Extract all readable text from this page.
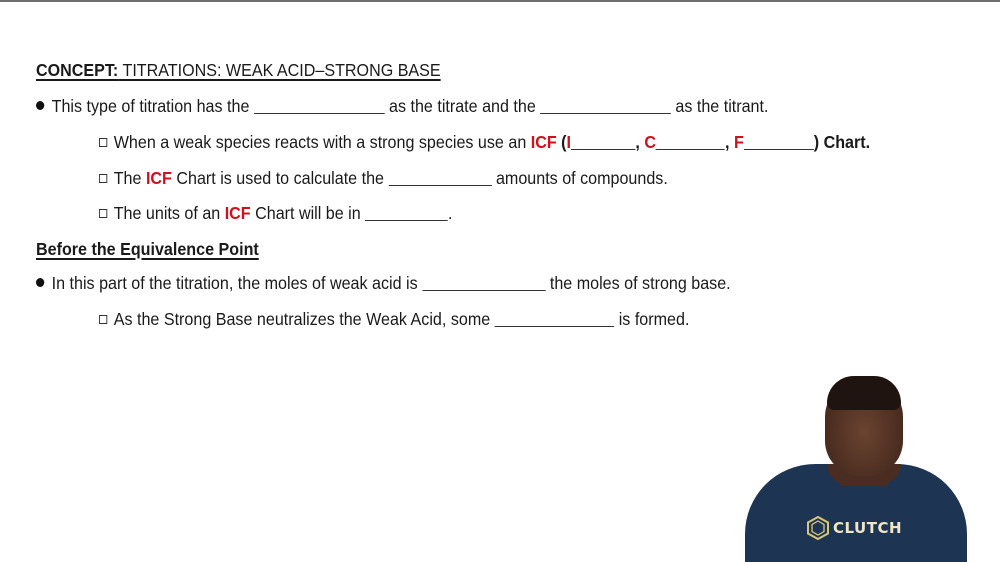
CONCEPT: TITRATIONS: WEAK ACID–STRONG BASE
This type of titration has the	as the titrate and the	as the titrant.
When a weak species reacts with a strong species use an ICF (I	, C	, F	) Chart.
The ICF Chart is used to calculate the	amounts of compounds.
The units of an ICF Chart will be in	.
Before the Equivalence Point
In this part of the titration, the moles of weak acid is	the moles of strong base.
As the Strong Base neutralizes the Weak Acid, some	is formed.
CLUTCH
